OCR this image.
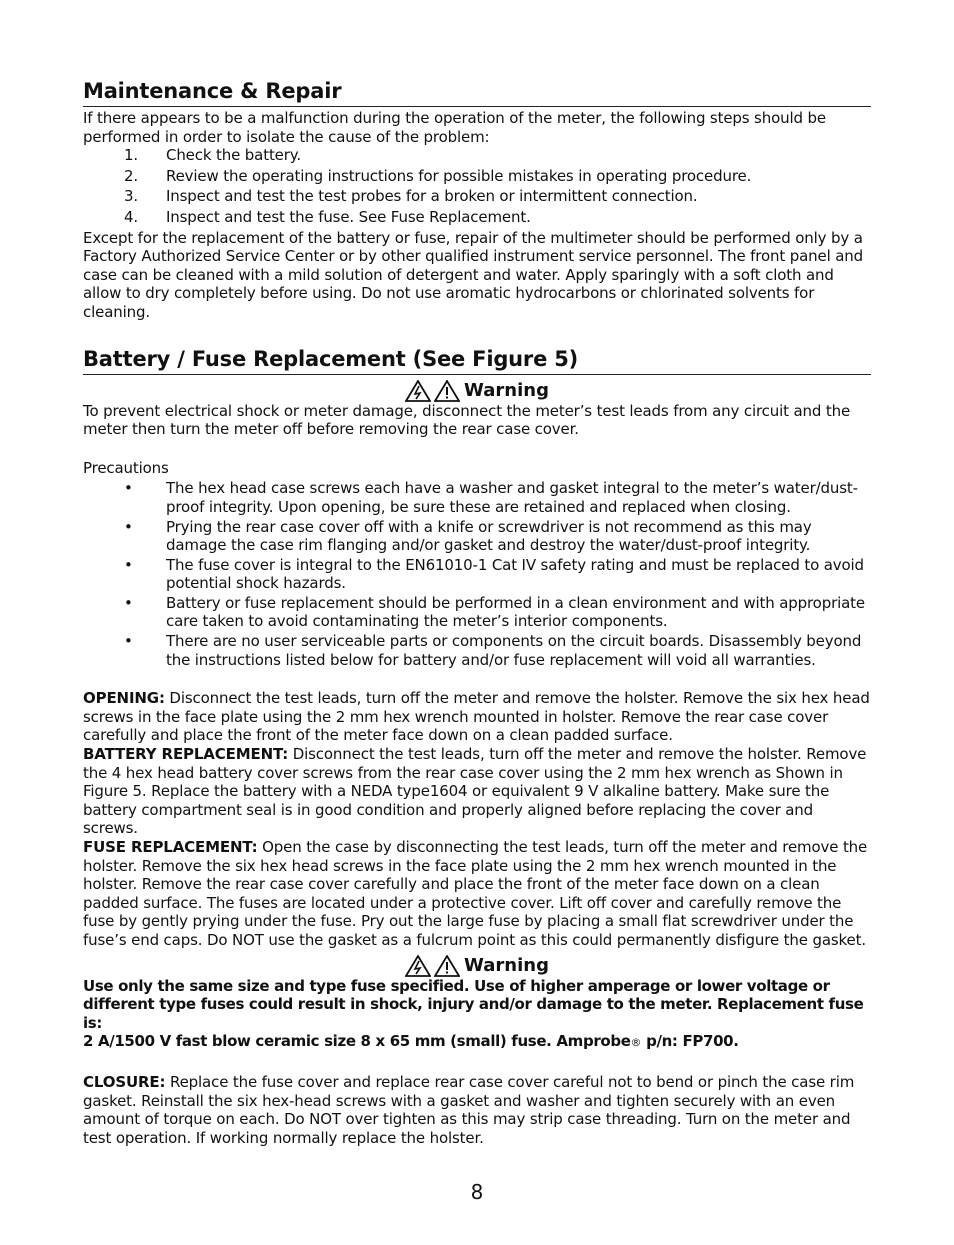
Maintenance & Repair

If there appears to be a malfunction during the operation of the meter, the following steps should be performed in order to isolate the cause of the problem:

1.	Check the battery.
2.	Review the operating instructions for possible mistakes in operating procedure.
3.	Inspect and test the test probes for a broken or intermittent connection.
4.	Inspect and test the fuse. See Fuse Replacement.

Except for the replacement of the battery or fuse, repair of the multimeter should be performed only by a Factory Authorized Service Center or by other qualified instrument service personnel. The front panel and case can be cleaned with a mild solution of detergent and water. Apply sparingly with a soft cloth and allow to dry completely before using. Do not use aromatic hydrocarbons or chlorinated solvents for cleaning.

Battery / Fuse Replacement (See Figure 5)
Warning

To prevent electrical shock or meter damage, disconnect the meter’s test leads from any circuit and the meter then turn the meter off before removing the rear case cover.

Precautions

•	The hex head case screws each have a washer and gasket integral to the meter’s water/dust-proof integrity. Upon opening, be sure these are retained and replaced when closing.
•	Prying the rear case cover off with a knife or screwdriver is not recommend as this may damage the case rim flanging and/or gasket and destroy the water/dust-proof integrity.
•	The fuse cover is integral to the EN61010-1 Cat IV safety rating and must be replaced to avoid potential shock hazards.
•	Battery or fuse replacement should be performed in a clean environment and with appropriate care taken to avoid contaminating the meter’s interior components.
•	There are no user serviceable parts or components on the circuit boards. Disassembly beyond the instructions listed below for battery and/or fuse replacement will void all warranties.

OPENING: Disconnect the test leads, turn off the meter and remove the holster. Remove the six hex head screws in the face plate using the 2 mm hex wrench mounted in holster. Remove the rear case cover carefully and place the front of the meter face down on a clean padded surface.

BATTERY REPLACEMENT: Disconnect the test leads, turn off the meter and remove the holster. Remove the 4 hex head battery cover screws from the rear case cover using the 2 mm hex wrench as Shown in Figure 5. Replace the battery with a NEDA type1604 or equivalent 9 V alkaline battery. Make sure the battery compartment seal is in good condition and properly aligned before replacing the cover and screws.

FUSE REPLACEMENT: Open the case by disconnecting the test leads, turn off the meter and remove the holster. Remove the six hex head screws in the face plate using the 2 mm hex wrench mounted in the holster. Remove the rear case cover carefully and place the front of the meter face down on a clean padded surface. The fuses are located under a protective cover. Lift off cover and carefully remove the fuse by gently prying under the fuse. Pry out the large fuse by placing a small flat screwdriver under the fuse’s end caps. Do NOT use the gasket as a fulcrum point as this could permanently disfigure the gasket.

Warning

Use only the same size and type fuse specified. Use of higher amperage or lower voltage or different type fuses could result in shock, injury and/or damage to the meter. Replacement fuse is:

2 A/1500 V fast blow ceramic size 8 x 65 mm (small) fuse. Amprobe® p/n: FP700.

CLOSURE: Replace the fuse cover and replace rear case cover careful not to bend or pinch the case rim gasket. Reinstall the six hex-head screws with a gasket and washer and tighten securely with an even amount of torque on each. Do NOT over tighten as this may strip case threading. Turn on the meter and test operation. If working normally replace the holster.

8
